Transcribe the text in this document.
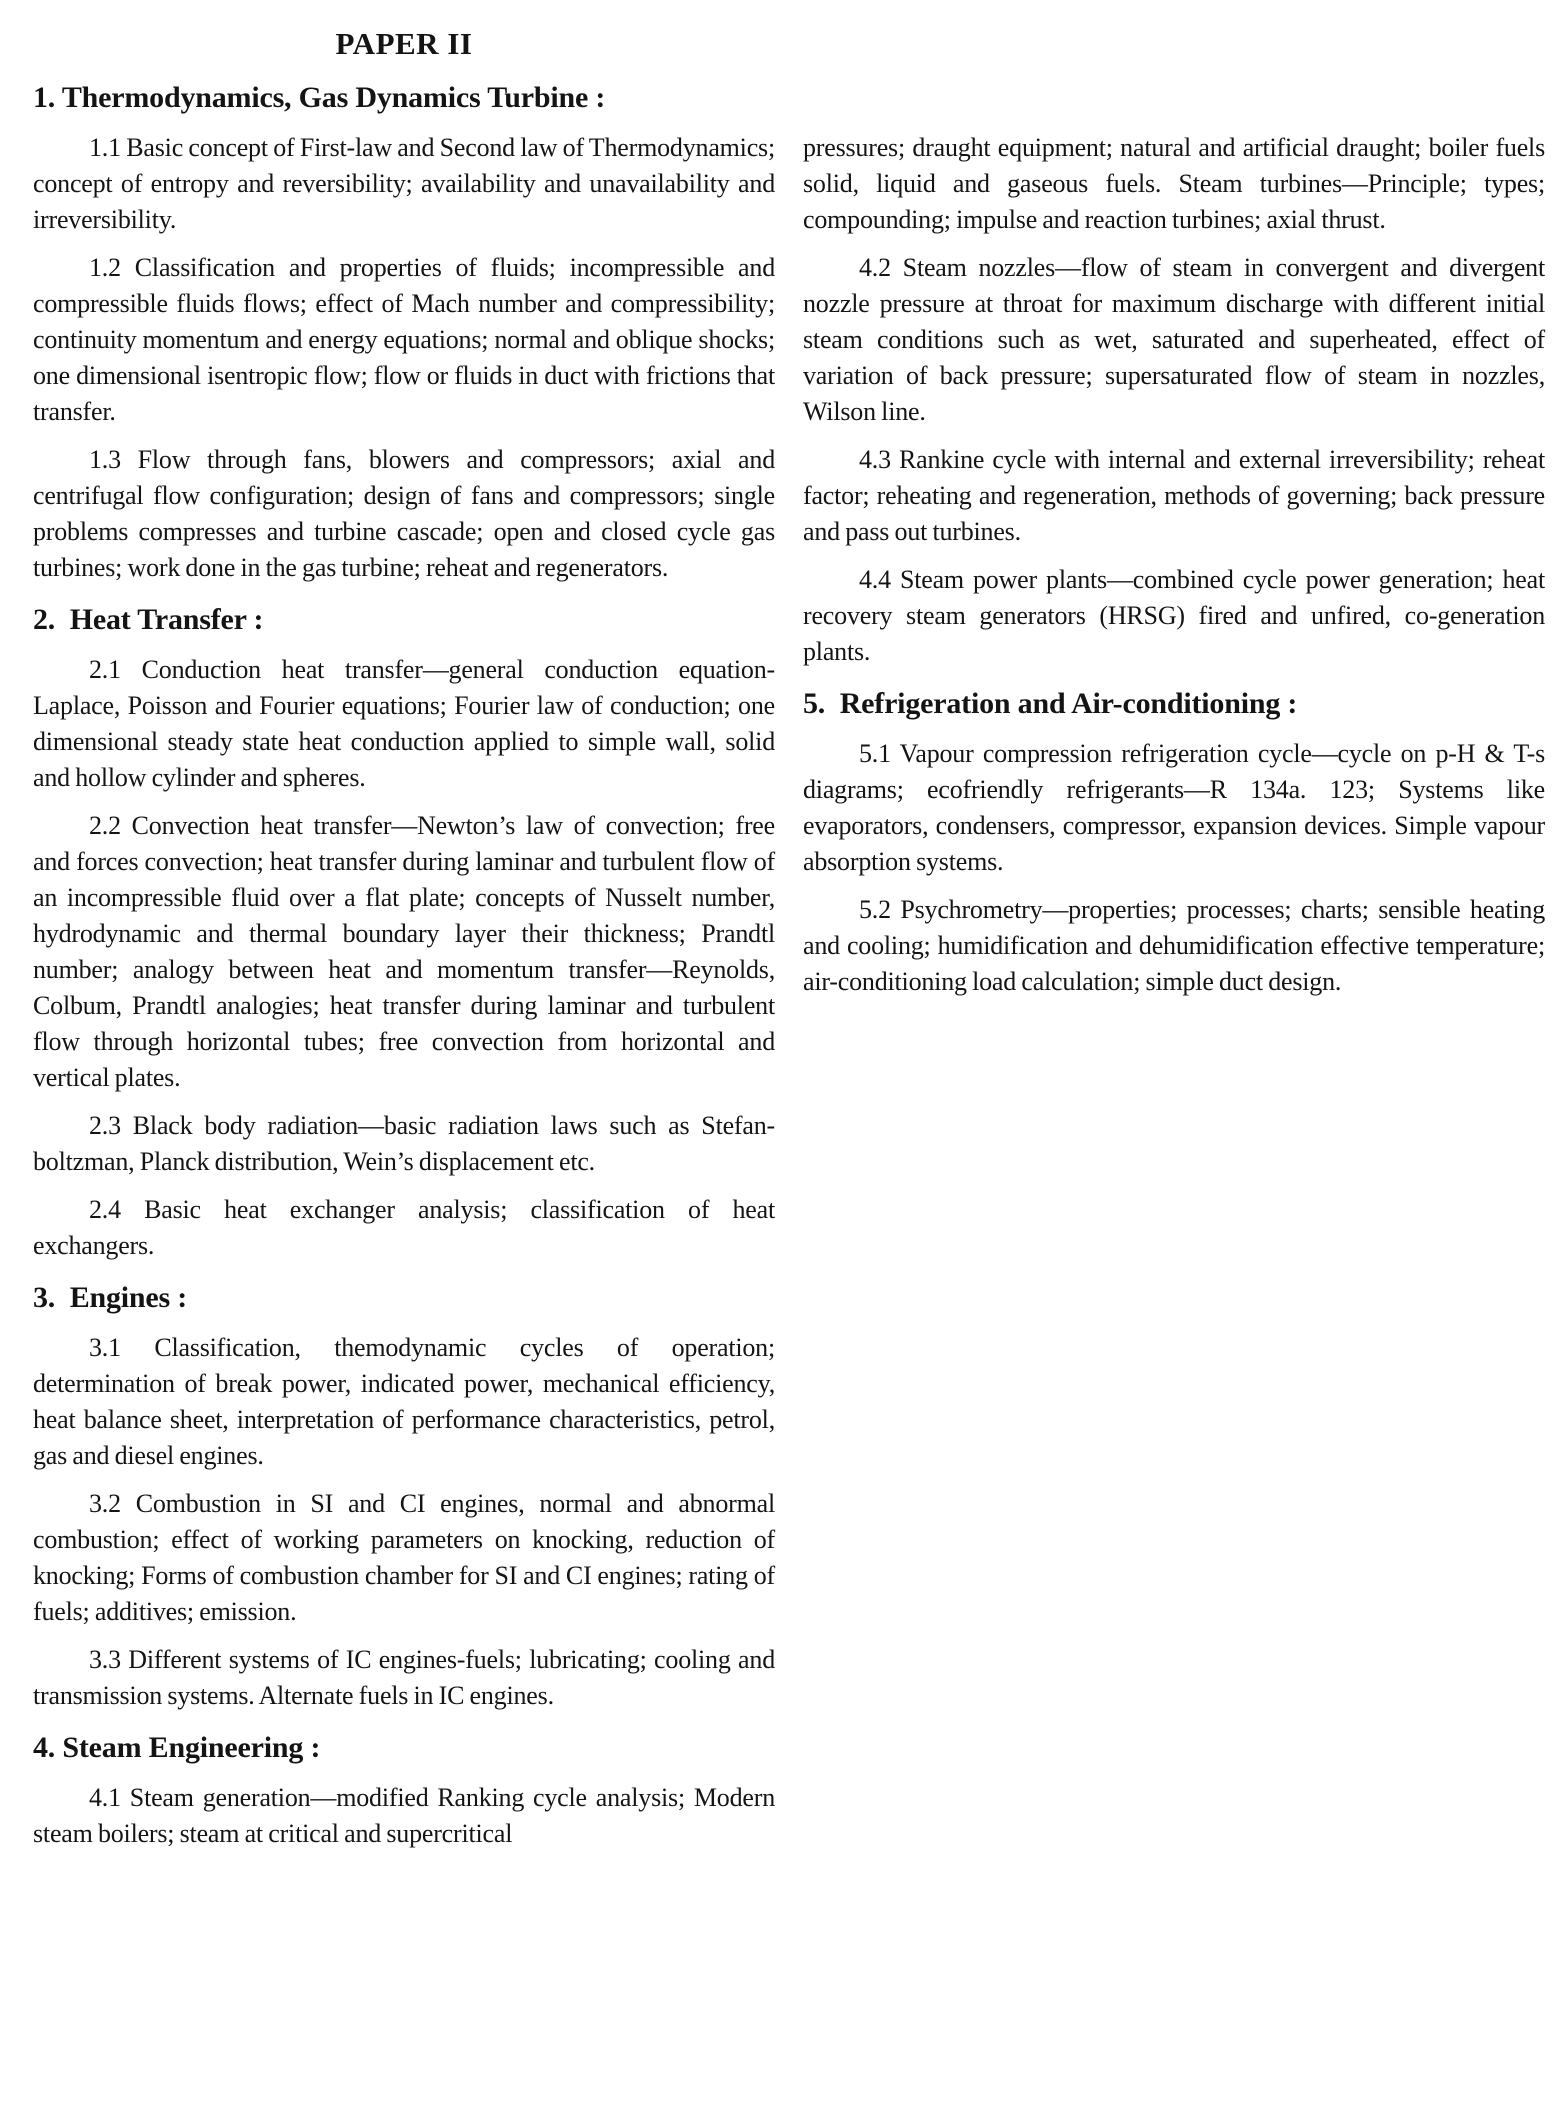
PAPER II
1. Thermodynamics, Gas Dynamics Turbine :

1.1 Basic concept of First-law and Second law of Thermodynamics; concept of entropy and reversibility; availability and unavailability and irreversibility.

1.2 Classification and properties of fluids; incompressible and compressible fluids flows; effect of Mach number and compressibility; continuity momentum and energy equations; normal and oblique shocks; one dimensional isentropic flow; flow or fluids in duct with frictions that transfer.

1.3 Flow through fans, blowers and compressors; axial and centrifugal flow configuration; design of fans and compressors; single problems compresses and turbine cascade; open and closed cycle gas turbines; work done in the gas turbine; reheat and regenerators.

2.  Heat Transfer :

2.1 Conduction heat transfer—general conduction equation-Laplace, Poisson and Fourier equations; Fourier law of conduction; one dimensional steady state heat conduction applied to simple wall, solid and hollow cylinder and spheres.

2.2 Convection heat transfer—Newton’s law of convection; free and forces convection; heat transfer during laminar and turbulent flow of an incompressible fluid over a flat plate; concepts of Nusselt number, hydrodynamic and thermal boundary layer their thickness; Prandtl number; analogy between heat and momentum transfer—Reynolds, Colbum, Prandtl analogies; heat transfer during laminar and turbulent flow through horizontal tubes; free convection from horizontal and vertical plates.

2.3 Black body radiation—basic radiation laws such as Stefan-boltzman, Planck distribution, Wein’s displacement etc.

2.4 Basic heat exchanger analysis; classification of heat exchangers.

3.  Engines :

3.1 Classification, themodynamic cycles of operation; determination of break power, indicated power, mechanical efficiency, heat balance sheet, interpretation of performance characteristics, petrol, gas and diesel engines.

3.2 Combustion in SI and CI engines, normal and abnormal combustion; effect of working parameters on knocking, reduction of knocking; Forms of combustion chamber for SI and CI engines; rating of fuels; additives; emission.

3.3 Different systems of IC engines-fuels; lubricating; cooling and transmission systems. Alternate fuels in IC engines.

4. Steam Engineering :

4.1 Steam generation—modified Ranking cycle analysis; Modern steam boilers; steam at critical and supercritical

pressures; draught equipment; natural and artificial draught; boiler fuels solid, liquid and gaseous fuels. Steam turbines—Principle; types; compounding; impulse and reaction turbines; axial thrust.

4.2 Steam nozzles—flow of steam in convergent and divergent nozzle pressure at throat for maximum discharge with different initial steam conditions such as wet, saturated and superheated, effect of variation of back pressure; supersaturated flow of steam in nozzles, Wilson line.

4.3 Rankine cycle with internal and external irreversibility; reheat factor; reheating and regeneration, methods of governing; back pressure and pass out turbines.

4.4 Steam power plants—combined cycle power generation; heat recovery steam generators (HRSG) fired and unfired, co-generation plants.

5.  Refrigeration and Air-conditioning :

5.1 Vapour compression refrigeration cycle—cycle on p-H & T-s diagrams; ecofriendly refrigerants—R 134a. 123; Systems like evaporators, condensers, compressor, expansion devices. Simple vapour absorption systems.

5.2 Psychrometry—properties; processes; charts; sensible heating and cooling; humidification and dehumidification effective temperature; air-conditioning load calculation; simple duct design.
